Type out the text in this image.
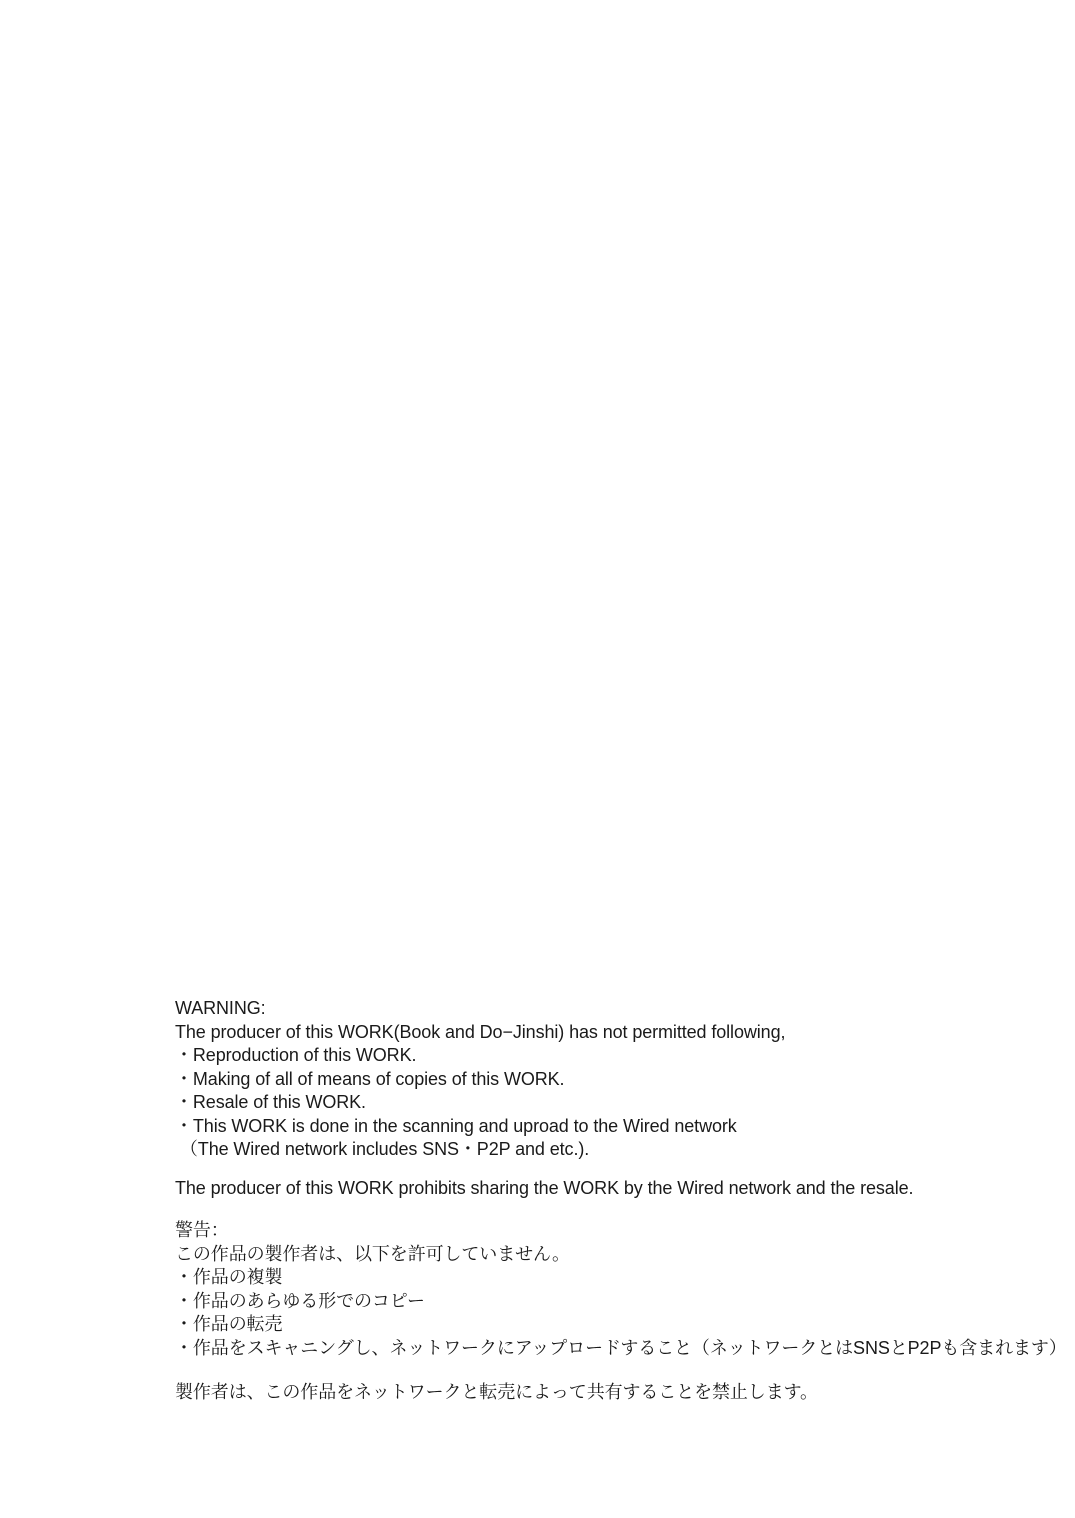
WARNING:
The producer of this WORK(Book and Do−Jinshi) has not permitted following,
・Reproduction of this WORK.
・Making of all of means of copies of this WORK.
・Resale of this WORK.
・This WORK is done in the scanning and uproad to the Wired network
（The Wired network includes SNS・P2P and etc.).
The producer of this WORK prohibits sharing the WORK by the Wired network and the resale.
警告：
この作品の製作者は、以下を許可していません。
・作品の複製
・作品のあらゆる形でのコピー
・作品の転売
・作品をスキャニングし、ネットワークにアップロードすること（ネットワークとはSNSとP2Pも含まれます）
製作者は、この作品をネットワークと転売によって共有することを禁止します。
